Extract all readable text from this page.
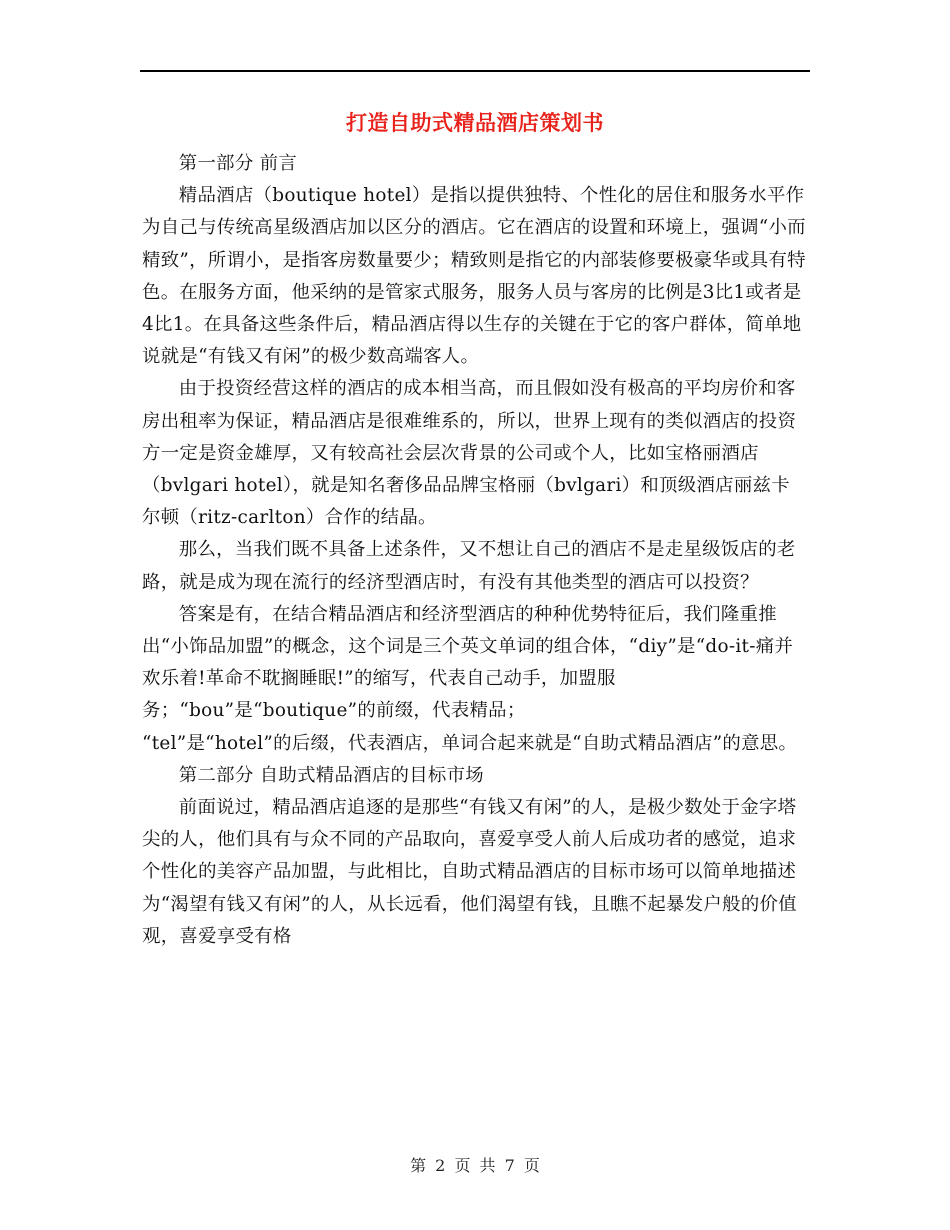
打造自助式精品酒店策划书

第一部分 前言

精品酒店（boutique hotel）是指以提供独特、个性化的居住和服务水平作为自己与传统高星级酒店加以区分的酒店。它在酒店的设置和环境上，强调“小而精致”，所谓小，是指客房数量要少；精致则是指它的内部装修要极豪华或具有特色。在服务方面，他采纳的是管家式服务，服务人员与客房的比例是3比1或者是4比1。在具备这些条件后，精品酒店得以生存的关键在于它的客户群体，简单地说就是“有钱又有闲”的极少数高端客人。

由于投资经营这样的酒店的成本相当高，而且假如没有极高的平均房价和客房出租率为保证，精品酒店是很难维系的，所以，世界上现有的类似酒店的投资方一定是资金雄厚，又有较高社会层次背景的公司或个人，比如宝格丽酒店（bvlgari hotel），就是知名奢侈品品牌宝格丽（bvlgari）和顶级酒店丽兹卡尔顿（ritz-carlton）合作的结晶。

那么，当我们既不具备上述条件，又不想让自己的酒店不是走星级饭店的老路，就是成为现在流行的经济型酒店时，有没有其他类型的酒店可以投资？

答案是有，在结合精品酒店和经济型酒店的种种优势特征后，我们隆重推出“小饰品加盟”的概念，这个词是三个英文单词的组合体，“diy”是“do-it-痛并欢乐着!革命不耽搁睡眠!”的缩写，代表自己动手，加盟服务；“bou”是“boutique”的前缀，代表精品；

“tel”是“hotel”的后缀，代表酒店，单词合起来就是“自助式精品酒店”的意思。

第二部分 自助式精品酒店的目标市场

前面说过，精品酒店追逐的是那些“有钱又有闲”的人，是极少数处于金字塔尖的人，他们具有与众不同的产品取向，喜爱享受人前人后成功者的感觉，追求个性化的美容产品加盟，与此相比，自助式精品酒店的目标市场可以简单地描述为“渴望有钱又有闲”的人，从长远看，他们渴望有钱，且瞧不起暴发户般的价值观，喜爱享受有格

第 2 页 共 7 页
